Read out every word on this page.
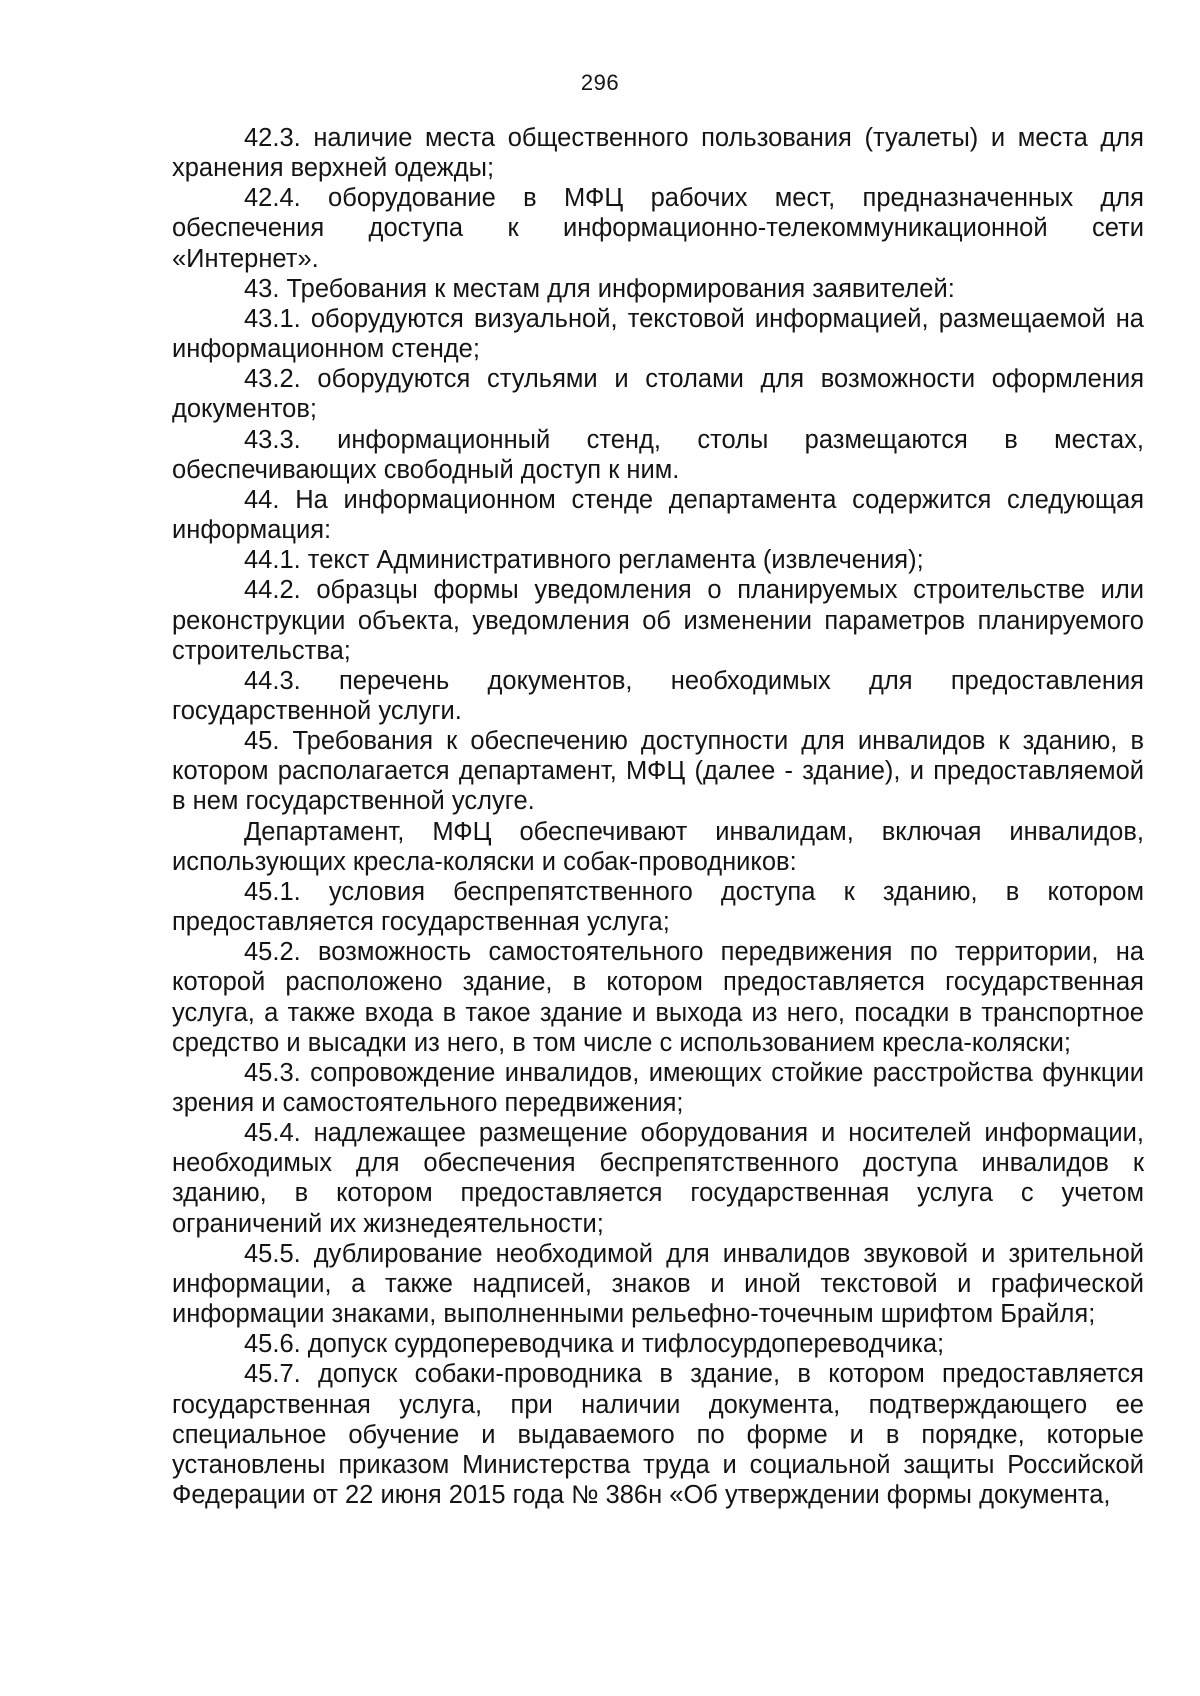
296

42.3. наличие места общественного пользования (туалеты) и места для хранения верхней одежды;

42.4. оборудование в МФЦ рабочих мест, предназначенных для обеспечения доступа к информационно-телекоммуникационной сети «Интернет».

43. Требования к местам для информирования заявителей:

43.1. оборудуются визуальной, текстовой информацией, размещаемой на информационном стенде;

43.2. оборудуются стульями и столами для возможности оформления документов;

43.3. информационный стенд, столы размещаются в местах, обеспечивающих свободный доступ к ним.

44. На информационном стенде департамента содержится следующая информация:

44.1. текст Административного регламента (извлечения);

44.2. образцы формы уведомления о планируемых строительстве или реконструкции объекта, уведомления об изменении параметров планируемого строительства;

44.3. перечень документов, необходимых для предоставления государственной услуги.

45. Требования к обеспечению доступности для инвалидов к зданию, в котором располагается департамент, МФЦ (далее - здание), и предоставляемой в нем государственной услуге.

Департамент, МФЦ обеспечивают инвалидам, включая инвалидов, использующих кресла-коляски и собак-проводников:

45.1. условия беспрепятственного доступа к зданию, в котором предоставляется государственная услуга;

45.2. возможность самостоятельного передвижения по территории, на которой расположено здание, в котором предоставляется государственная услуга, а также входа в такое здание и выхода из него, посадки в транспортное средство и высадки из него, в том числе с использованием кресла-коляски;

45.3. сопровождение инвалидов, имеющих стойкие расстройства функции зрения и самостоятельного передвижения;

45.4. надлежащее размещение оборудования и носителей информации, необходимых для обеспечения беспрепятственного доступа инвалидов к зданию, в котором предоставляется государственная услуга с учетом ограничений их жизнедеятельности;

45.5. дублирование необходимой для инвалидов звуковой и зрительной информации, а также надписей, знаков и иной текстовой и графической информации знаками, выполненными рельефно-точечным шрифтом Брайля;

45.6. допуск сурдопереводчика и тифлосурдопереводчика;

45.7. допуск собаки-проводника в здание, в котором предоставляется государственная услуга, при наличии документа, подтверждающего ее специальное обучение и выдаваемого по форме и в порядке, которые установлены приказом Министерства труда и социальной защиты Российской Федерации от 22 июня 2015 года № 386н «Об утверждении формы документа,
